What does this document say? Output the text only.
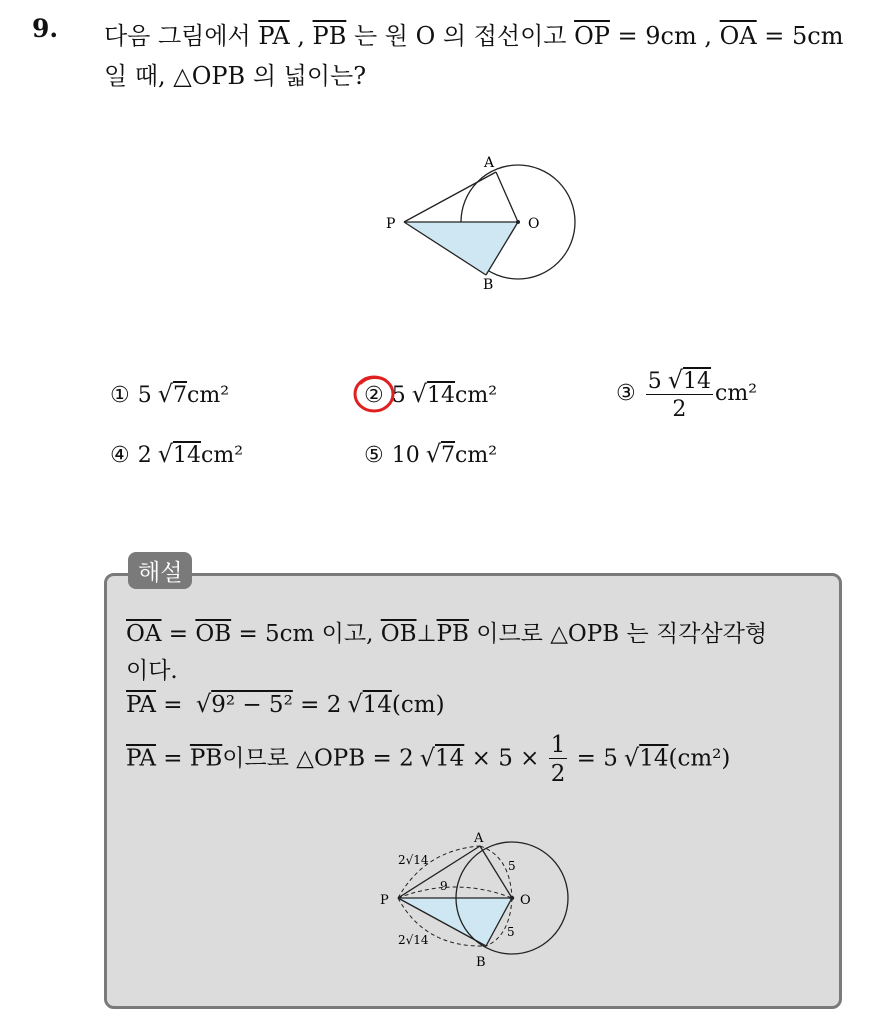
9. 다음 그림에서 $\overline{PA}$ , $\overline{PB}$ 는 원 O 의 접선이고 $\overline{OP} = 9cm$ , $\overline{OA} = 5cm$
일 때, △OPB 의 넓이는?
A
B
P	O
① 5 √7cm²	② 5 √14cm²	③ $\frac{5 √14}{2} cm^2$
④ 2 √14cm²	⑤ 10 √7cm²
해설
$\overline{OA} = \overline{OB} = 5cm$ 이고, $\overline{OB}\perp\overline{PB}$ 이므로 △OPB 는 직각삼각형
이다.
$\overline{PA} = √9^2 - 5^2 = 2$ √14(cm)
$\overline{PA} = \overline{PB}$이므로 △OPB = 2 $√14 \times 5 \times \frac{1}{2} = 5$ √14(cm²)
A
B
P	O
9
5
5
2√14
2√14
